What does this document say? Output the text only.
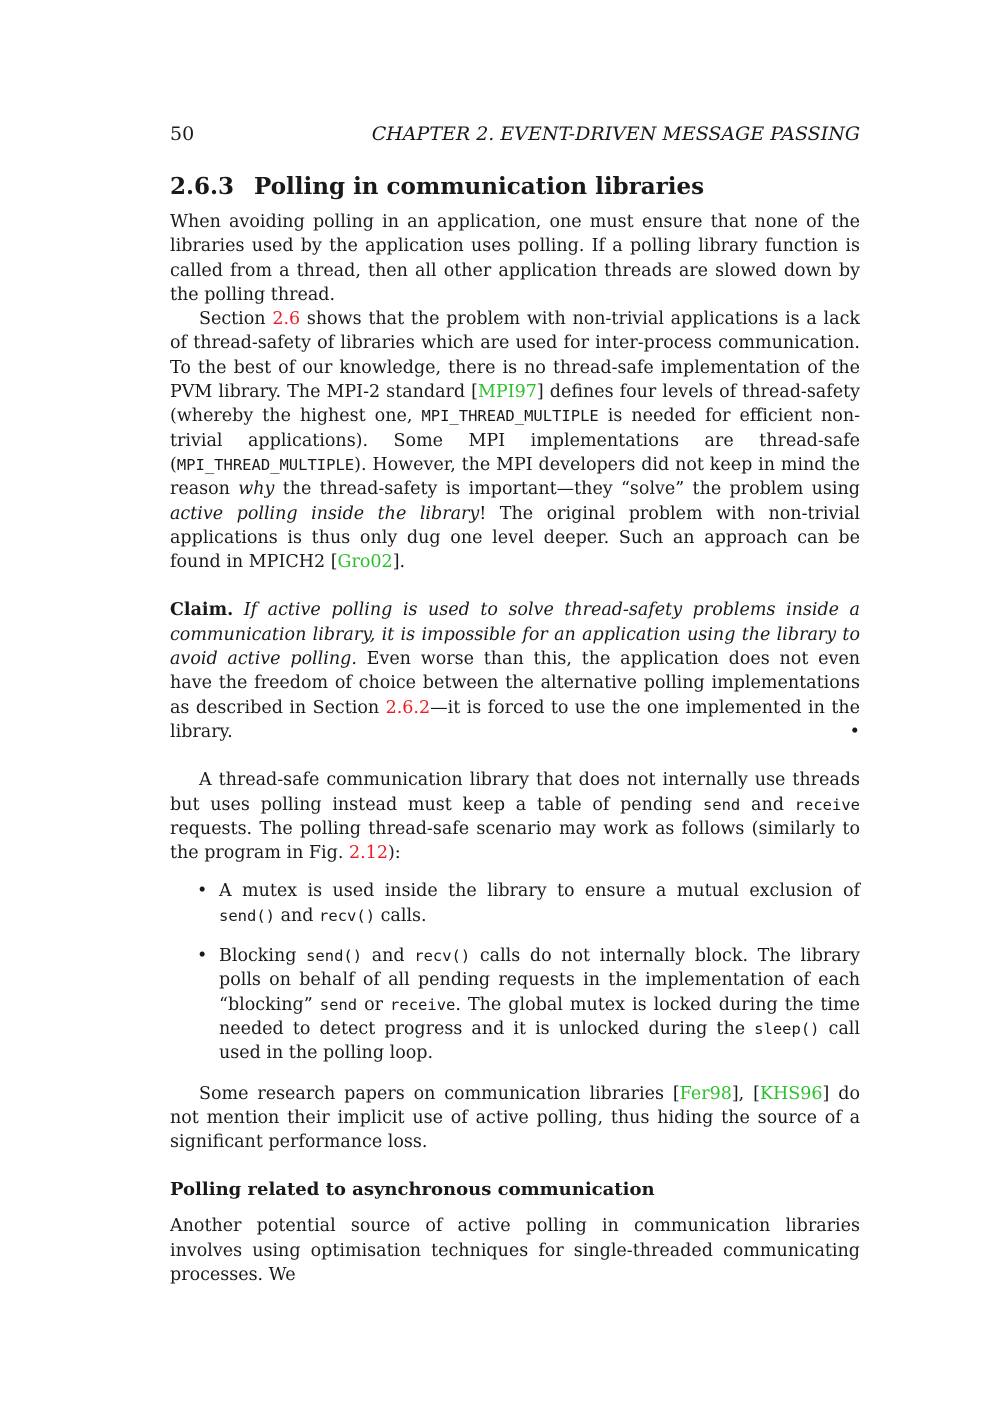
50	CHAPTER 2. EVENT-DRIVEN MESSAGE PASSING
2.6.3 Polling in communication libraries

When avoiding polling in an application, one must ensure that none of the libraries used by the application uses polling. If a polling library function is called from a thread, then all other application threads are slowed down by the polling thread.

Section 2.6 shows that the problem with non-trivial applications is a lack of thread-safety of libraries which are used for inter-process communication. To the best of our knowledge, there is no thread-safe implementation of the PVM library. The MPI-2 standard [MPI97] defines four levels of thread-safety (whereby the highest one, MPI_THREAD_MULTIPLE is needed for efficient non-trivial applications). Some MPI implementations are thread-safe (MPI_THREAD_MULTIPLE). However, the MPI developers did not keep in mind the reason why the thread-safety is important—they “solve” the problem using active polling inside the library! The original problem with non-trivial applications is thus only dug one level deeper. Such an approach can be found in MPICH2 [Gro02].

Claim. If active polling is used to solve thread-safety problems inside a communication library, it is impossible for an application using the library to avoid active polling. Even worse than this, the application does not even have the freedom of choice between the alternative polling implementations as described in Section 2.6.2—it is forced to use the one implemented in the library.	•

A thread-safe communication library that does not internally use threads but uses polling instead must keep a table of pending send and receive requests. The polling thread-safe scenario may work as follows (similarly to the program in Fig. 2.12):

• A mutex is used inside the library to ensure a mutual exclusion of send() and recv() calls.
• Blocking send() and recv() calls do not internally block. The library polls on behalf of all pending requests in the implementation of each “blocking” send or receive. The global mutex is locked during the time needed to detect progress and it is unlocked during the sleep() call used in the polling loop.

Some research papers on communication libraries [Fer98], [KHS96] do not mention their implicit use of active polling, thus hiding the source of a significant performance loss.

Polling related to asynchronous communication

Another potential source of active polling in communication libraries involves using optimisation techniques for single-threaded communicating processes. We
